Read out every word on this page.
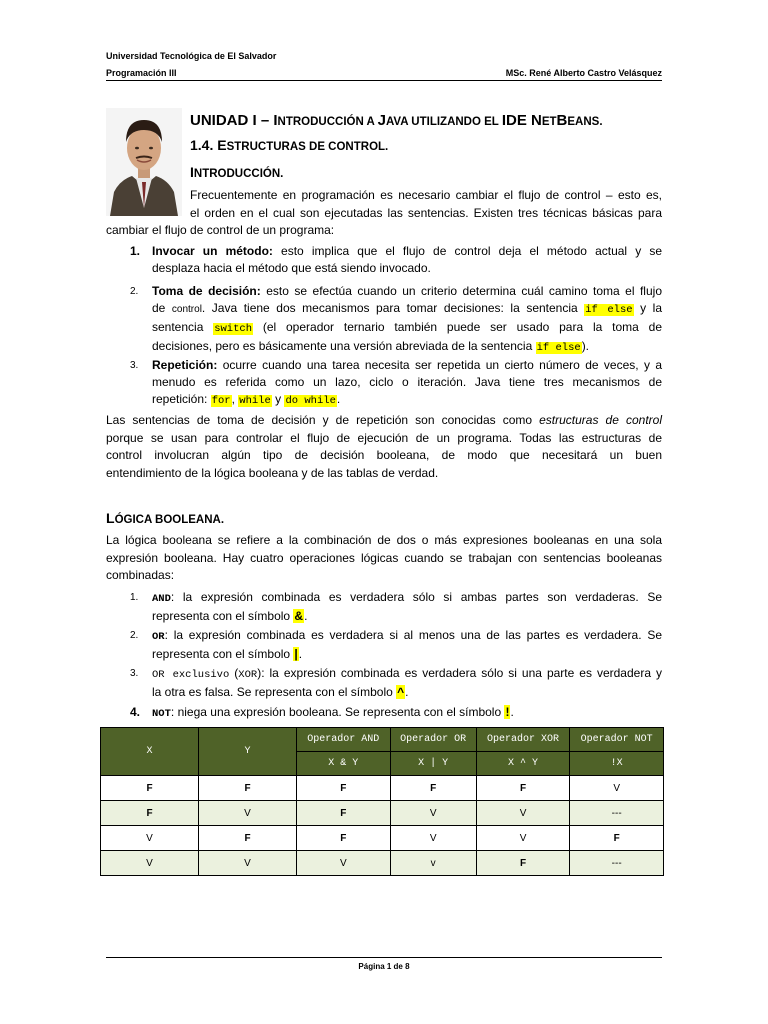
Universidad Tecnológica de El Salvador
Programación III	MSc. René Alberto Castro Velásquez
UNIDAD I – INTRODUCCIÓN A JAVA UTILIZANDO EL IDE NETBEANS.
1.4. ESTRUCTURAS DE CONTROL.
INTRODUCCIÓN.
Frecuentemente en programación es necesario cambiar el flujo de control – esto es,
el orden en el cual son ejecutadas las sentencias. Existen tres técnicas básicas para
cambiar el flujo de control de un programa:
1. Invocar un método: esto implica que el flujo de control deja el método actual y se
desplaza hacia el método que está siendo invocado.
2. Toma de decisión: esto se efectúa cuando un criterio determina cuál camino toma el flujo
de control. Java tiene dos mecanismos para tomar decisiones: la sentencia if else y la
sentencia switch (el operador ternario también puede ser usado para la toma de
decisiones, pero es básicamente una versión abreviada de la sentencia if else).
3. Repetición: ocurre cuando una tarea necesita ser repetida un cierto número de veces, y a
menudo es referida como un lazo, ciclo o iteración. Java tiene tres mecanismos de
repetición: for, while y do while.
Las sentencias de toma de decisión y de repetición son conocidas como estructuras de control
porque se usan para controlar el flujo de ejecución de un programa. Todas las estructuras de
control involucran algún tipo de decisión booleana, de modo que necesitará un buen
entendimiento de la lógica booleana y de las tablas de verdad.
LÓGICA BOOLEANA.
La lógica booleana se refiere a la combinación de dos o más expresiones booleanas en una sola
expresión booleana. Hay cuatro operaciones lógicas cuando se trabajan con sentencias booleanas
combinadas:
1. AND: la expresión combinada es verdadera sólo si ambas partes son verdaderas. Se
representa con el símbolo &.
2. OR: la expresión combinada es verdadera si al menos una de las partes es verdadera. Se
representa con el símbolo |.
3. OR exclusivo (XOR): la expresión combinada es verdadera sólo si una parte es verdadera y
la otra es falsa. Se representa con el símbolo ^.
4. NOT: niega una expresión booleana. Se representa con el símbolo !.
X	Y	Operador AND	Operador OR	Operador XOR	Operador NOT
		X & Y	X | Y	X ^ Y	!X
F	F	F	F	F	V
F	V	F	V	V	---
V	F	F	V	V	F
V	V	V	v	F	---
Página 1 de 8
